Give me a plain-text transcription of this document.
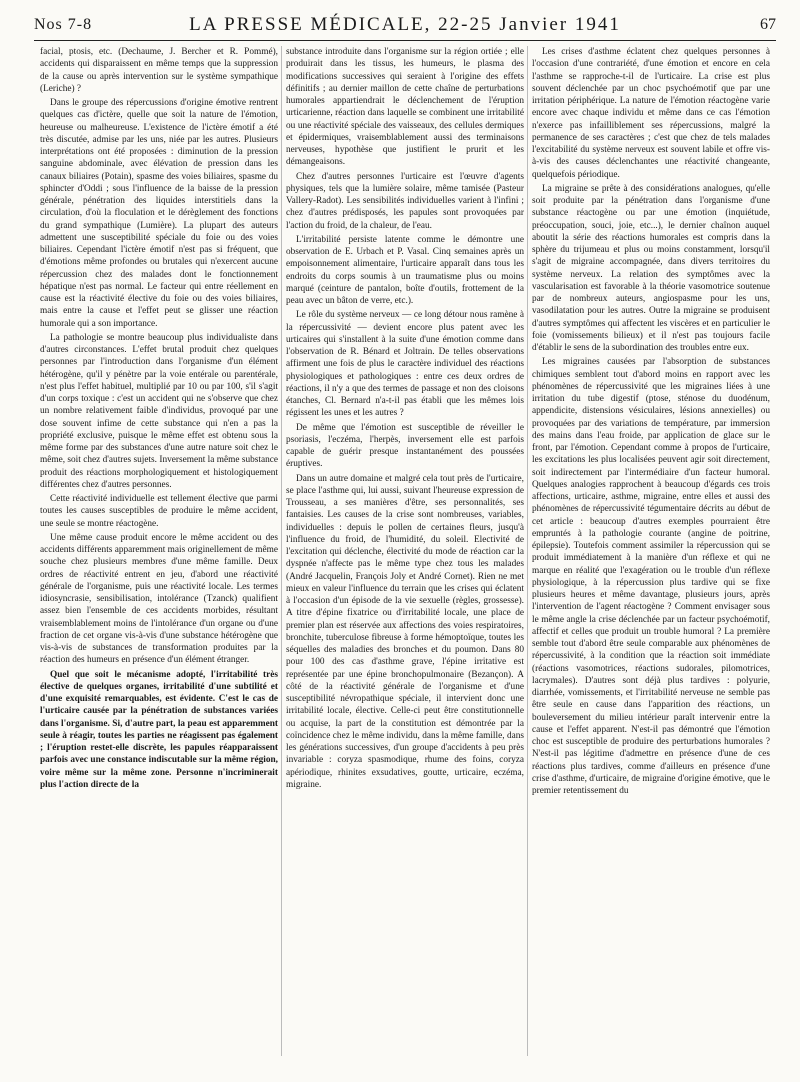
Nos 7-8	LA PRESSE MÉDICALE, 22-25 Janvier 1941	67

facial, ptosis, etc. (Dechaume, J. Bercher et R. Pommé), accidents qui disparaissent en même temps que la suppression de la cause ou après intervention sur le système sympathique (Leriche) ?

Dans le groupe des répercussions d'origine émotive rentrent quelques cas d'ictère, quelle que soit la nature de l'émotion, heureuse ou malheureuse. L'existence de l'ictère émotif a été très discutée, admise par les uns, niée par les autres. Plusieurs interprétations ont été proposées : diminution de la pression sanguine abdominale, avec élévation de pression dans les canaux biliaires (Potain), spasme des voies biliaires, spasme du sphincter d'Oddi ; sous l'influence de la baisse de la pression générale, pénétration des liquides interstitiels dans la circulation, d'où la floculation et le dérèglement des fonctions du grand sympathique (Lumière). La plupart des auteurs admettent une susceptibilité spéciale du foie ou des voies biliaires. Cependant l'ictère émotif n'est pas si fréquent, que d'émotions même profondes ou brutales qui n'exercent aucune répercussion chez des malades dont le fonctionnement hépatique n'est pas normal. Le facteur qui entre réellement en cause est la réactivité élective du foie ou des voies biliaires, mais entre la cause et l'effet peut se glisser une réaction humorale qui a son importance.

La pathologie se montre beaucoup plus individualiste dans d'autres circonstances. L'effet brutal produit chez quelques personnes par l'introduction dans l'organisme d'un élément hétérogène, qu'il y pénètre par la voie entérale ou parentérale, n'est plus l'effet habituel, multiplié par 10 ou par 100, s'il s'agit d'un corps toxique : c'est un accident qui ne s'observe que chez un nombre relativement faible d'individus, provoqué par une dose souvent infime de cette substance qui n'en a pas la propriété exclusive, puisque le même effet est obtenu sous la même forme par des substances d'une autre nature soit chez le même, soit chez d'autres sujets. Inversement la même substance produit des réactions morphologiquement et histologiquement différentes chez d'autres personnes.

Cette réactivité individuelle est tellement élective que parmi toutes les causes susceptibles de produire le même accident, une seule se montre réactogène.

Une même cause produit encore le même accident ou des accidents différents apparemment mais originellement de même souche chez plusieurs membres d'une même famille. Deux ordres de réactivité entrent en jeu, d'abord une réactivité générale de l'organisme, puis une réactivité locale. Les termes idiosyncrasie, sensibilisation, intolérance (Tzanck) qualifient assez bien l'ensemble de ces accidents morbides, résultant vraisemblablement moins de l'intolérance d'un organe ou d'une fraction de cet organe vis-à-vis d'une substance hétérogène que vis-à-vis de substances de transformation produites par la réaction des humeurs en présence d'un élément étranger.

Quel que soit le mécanisme adopté, l'irritabilité très élective de quelques organes, irritabilité d'une subtilité et d'une exquisité remarquables, est évidente. C'est le cas de l'urticaire causée par la pénétration de substances variées dans l'organisme. Si, d'autre part, la peau est apparemment seule à réagir, toutes les parties ne réagissent pas également ; l'éruption restet-elle discrète, les papules réapparaissent parfois avec une constance indiscutable sur la même région, voire même sur la même zone. Personne n'incriminerait plus l'action directe de la

substance introduite dans l'organisme sur la région ortiée ; elle produirait dans les tissus, les humeurs, le plasma des modifications successives qui seraient à l'origine des effets définitifs ; au dernier maillon de cette chaîne de perturbations humorales appartiendrait le déclenchement de l'éruption urticarienne, réaction dans laquelle se combinent une irritabilité ou une réactivité spéciale des vaisseaux, des cellules dermiques et épidermiques, vraisemblablement aussi des terminaisons nerveuses, hypothèse que justifient le prurit et les démangeaisons.

Chez d'autres personnes l'urticaire est l'œuvre d'agents physiques, tels que la lumière solaire, même tamisée (Pasteur Vallery-Radot). Les sensibilités individuelles varient à l'infini ; chez d'autres prédisposés, les papules sont provoquées par l'action du froid, de la chaleur, de l'eau.

L'irritabilité persiste latente comme le démontre une observation de E. Urbach et P. Vasal. Cinq semaines après un empoisonnement alimentaire, l'urticaire apparaît dans tous les endroits du corps soumis à un traumatisme plus ou moins marqué (ceinture de pantalon, boîte d'outils, frottement de la peau avec un bâton de verre, etc.).

Le rôle du système nerveux — ce long détour nous ramène à la répercussivité — devient encore plus patent avec les urticaires qui s'installent à la suite d'une émotion comme dans l'observation de R. Bénard et Joltrain. De telles observations affirment une fois de plus le caractère individuel des réactions physiologiques et pathologiques : entre ces deux ordres de réactions, il n'y a que des termes de passage et non des cloisons étanches, Cl. Bernard n'a-t-il pas établi que les mêmes lois régissent les unes et les autres ?

De même que l'émotion est susceptible de réveiller le psoriasis, l'eczéma, l'herpès, inversement elle est parfois capable de guérir presque instantanément des poussées éruptives.

Dans un autre domaine et malgré cela tout près de l'urticaire, se place l'asthme qui, lui aussi, suivant l'heureuse expression de Trousseau, a ses manières d'être, ses personnalités, ses fantaisies. Les causes de la crise sont nombreuses, variables, individuelles : depuis le pollen de certaines fleurs, jusqu'à l'influence du froid, de l'humidité, du soleil. Electivité de l'excitation qui déclenche, électivité du mode de réaction car la dyspnée n'affecte pas le même type chez tous les malades (André Jacquelin, François Joly et André Cornet). Rien ne met mieux en valeur l'influence du terrain que les crises qui éclatent à l'occasion d'un épisode de la vie sexuelle (règles, grossesse). A titre d'épine fixatrice ou d'irritabilité locale, une place de premier plan est réservée aux affections des voies respiratoires, bronchite, tuberculose fibreuse à forme hémoptoïque, toutes les séquelles des maladies des bronches et du poumon. Dans 80 pour 100 des cas d'asthme grave, l'épine irritative est représentée par une épine bronchopulmonaire (Bezançon). A côté de la réactivité générale de l'organisme et d'une susceptibilité névropathique spéciale, il intervient donc une irritabilité locale, élective. Celle-ci peut être constitutionnelle ou acquise, la part de la constitution est démontrée par la coïncidence chez le même individu, dans la même famille, dans les générations successives, d'un groupe d'accidents à peu près invariable : coryza spasmodique, rhume des foins, coryza apériodique, rhinites exsudatives, goutte, urticaire, eczéma, migraine.

Les crises d'asthme éclatent chez quelques personnes à l'occasion d'une contrariété, d'une émotion et encore en cela l'asthme se rapproche-t-il de l'urticaire. La crise est plus souvent déclenchée par un choc psychoémotif que par une irritation périphérique. La nature de l'émotion réactogène varie encore avec chaque individu et même dans ce cas l'émotion n'exerce pas infailliblement ses répercussions, malgré la permanence de ses caractères ; c'est que chez de tels malades l'excitabilité du système nerveux est souvent labile et offre vis-à-vis des causes déclenchantes une réactivité changeante, quelquefois périodique.

La migraine se prête à des considérations analogues, qu'elle soit produite par la pénétration dans l'organisme d'une substance réactogène ou par une émotion (inquiétude, préoccupation, souci, joie, etc...), le dernier chaînon auquel aboutit la série des réactions humorales est compris dans la sphère du trijumeau et plus ou moins constamment, lorsqu'il s'agit de migraine accompagnée, dans divers territoires du système nerveux. La relation des symptômes avec la vascularisation est favorable à la théorie vasomotrice soutenue par de nombreux auteurs, angiospasme pour les uns, vasodilatation pour les autres. Outre la migraine se produisent d'autres symptômes qui affectent les viscères et en particulier le foie (vomissements bilieux) et il n'est pas toujours facile d'établir le sens de la subordination des troubles entre eux.

Les migraines causées par l'absorption de substances chimiques semblent tout d'abord moins en rapport avec les phénomènes de répercussivité que les migraines liées à une irritation du tube digestif (ptose, sténose du duodénum, appendicite, distensions vésiculaires, lésions annexielles) ou provoquées par des variations de température, par immersion des mains dans l'eau froide, par application de glace sur le front, par l'émotion. Cependant comme à propos de l'urticaire, les excitations les plus localisées peuvent agir soit directement, soit indirectement par l'intermédiaire d'un facteur humoral. Quelques analogies rapprochent à beaucoup d'égards ces trois affections, urticaire, asthme, migraine, entre elles et aussi des phénomènes de répercussivité tégumentaire décrits au début de cet article : beaucoup d'autres exemples pourraient être empruntés à la pathologie courante (angine de poitrine, épilepsie). Toutefois comment assimiler la répercussion qui se produit immédiatement à la manière d'un réflexe et qui ne marque en réalité que l'exagération ou le trouble d'un réflexe physiologique, à la répercussion plus tardive qui se fixe plusieurs heures et même davantage, plusieurs jours, après l'intervention de l'agent réactogène ? Comment envisager sous le même angle la crise déclenchée par un facteur psychoémotif, affectif et celles que produit un trouble humoral ? La première semble tout d'abord être seule comparable aux phénomènes de répercussivité, à la condition que la réaction soit immédiate (réactions vasomotrices, réactions sudorales, pilomotrices, lacrymales). D'autres sont déjà plus tardives : polyurie, diarrhée, vomissements, et l'irritabilité nerveuse ne semble pas être seule en cause dans l'apparition des réactions, un bouleversement du milieu intérieur paraît intervenir entre la cause et l'effet apparent. N'est-il pas démontré que l'émotion choc est susceptible de produire des perturbations humorales ? N'est-il pas légitime d'admettre en présence d'une de ces réactions plus tardives, comme d'ailleurs en présence d'une crise d'asthme, d'urticaire, de migraine d'origine émotive, que le premier retentissement du
